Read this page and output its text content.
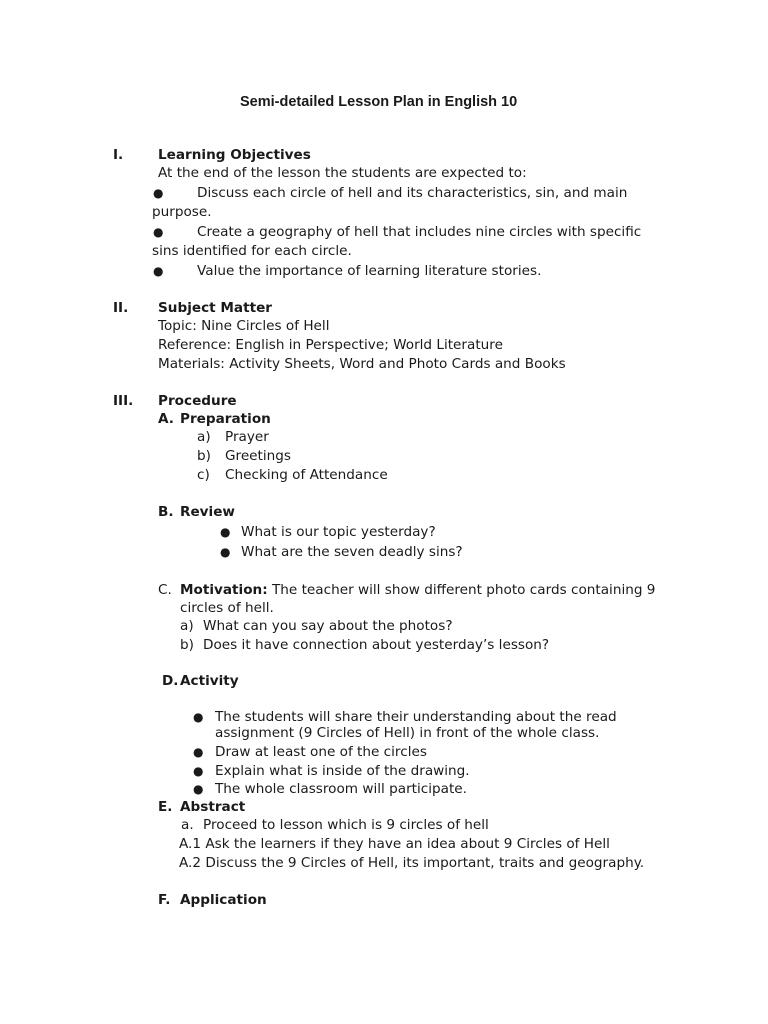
Semi-detailed Lesson Plan in English 10
I.	Learning Objectives
At the end of the lesson the students are expected to:
● Discuss each circle of hell and its characteristics, sin, and main
purpose.
● Create a geography of hell that includes nine circles with specific
sins identified for each circle.
● Value the importance of learning literature stories.
II. Subject Matter
Topic: Nine Circles of Hell
Reference: English in Perspective; World Literature
Materials: Activity Sheets, Word and Photo Cards and Books
III. Procedure
A. Preparation
a) Prayer
b) Greetings
c) Checking of Attendance
B. Review
● What is our topic yesterday?
● What are the seven deadly sins?
C. Motivation: The teacher will show different photo cards containing 9
circles of hell.
a) What can you say about the photos?
b) Does it have connection about yesterday’s lesson?
D. Activity
● The students will share their understanding about the read
assignment (9 Circles of Hell) in front of the whole class.
● Draw at least one of the circles
● Explain what is inside of the drawing.
● The whole classroom will participate.
E. Abstract
a. Proceed to lesson which is 9 circles of hell
A.1 Ask the learners if they have an idea about 9 Circles of Hell
A.2 Discuss the 9 Circles of Hell, its important, traits and geography.
F. Application
